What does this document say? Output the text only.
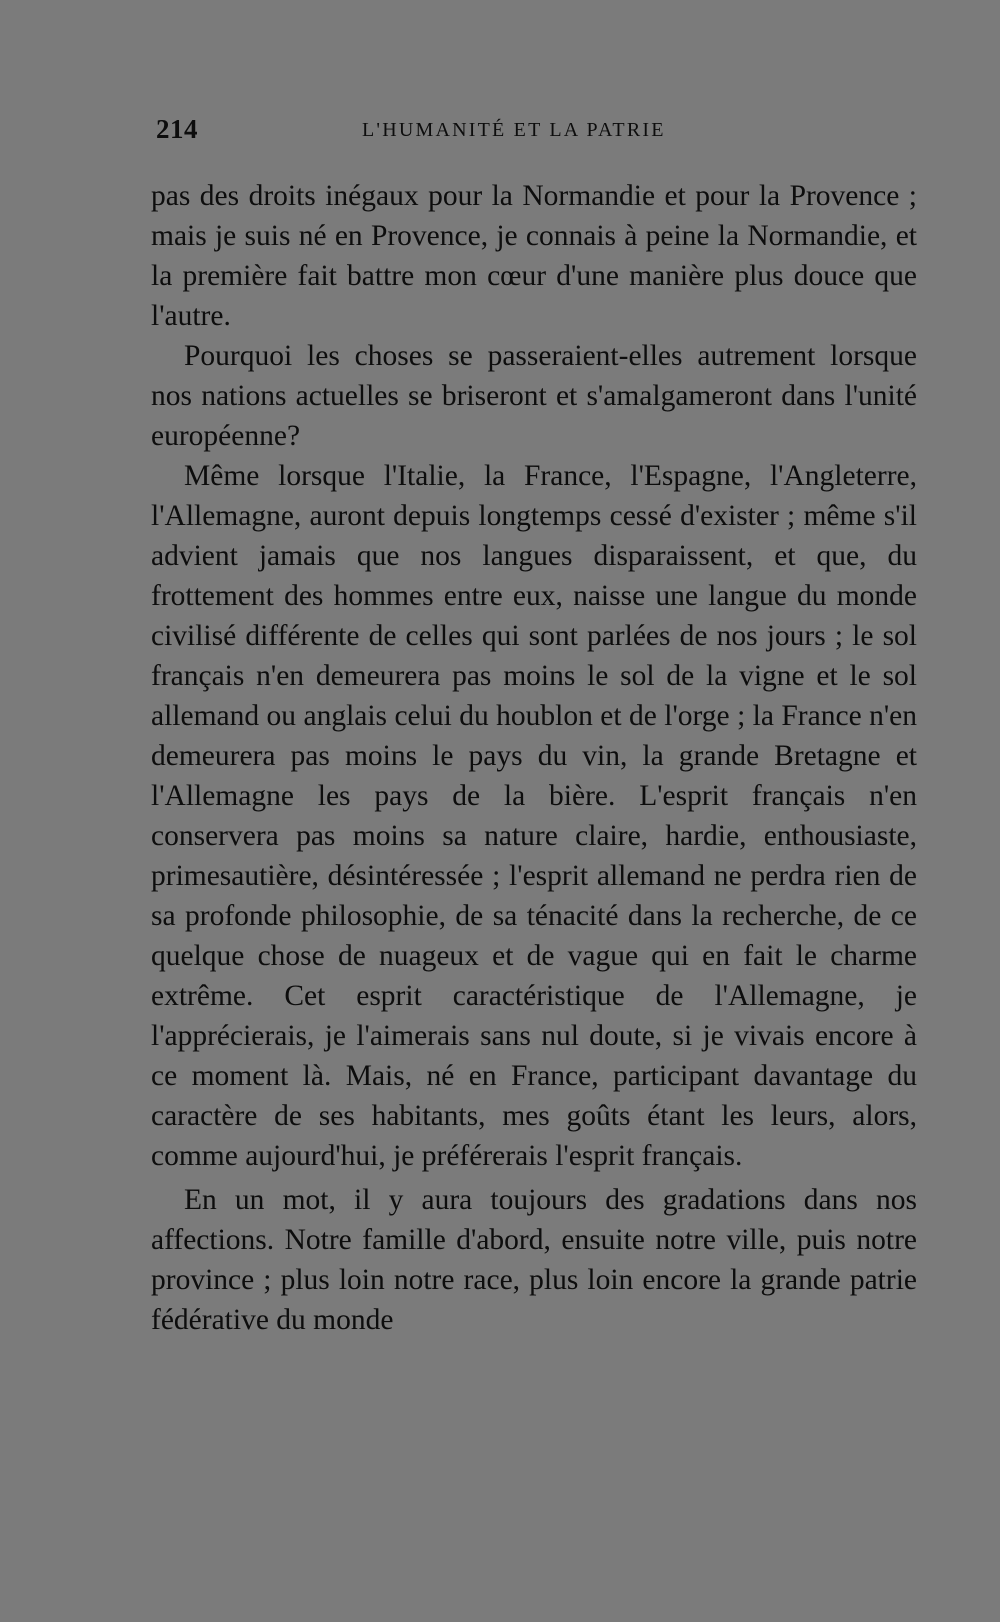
214	L'HUMANITÉ ET LA PATRIE

pas des droits inégaux pour la Normandie et pour la Provence ; mais je suis né en Provence, je connais à peine la Normandie, et la première fait battre mon cœur d'une manière plus douce que l'autre.

Pourquoi les choses se passeraient-elles autrement lorsque nos nations actuelles se briseront et s'amalgameront dans l'unité européenne?

Même lorsque l'Italie, la France, l'Espagne, l'Angleterre, l'Allemagne, auront depuis longtemps cessé d'exister ; même s'il advient jamais que nos langues disparaissent, et que, du frottement des hommes entre eux, naisse une langue du monde civilisé différente de celles qui sont parlées de nos jours ; le sol français n'en demeurera pas moins le sol de la vigne et le sol allemand ou anglais celui du houblon et de l'orge ; la France n'en demeurera pas moins le pays du vin, la grande Bretagne et l'Allemagne les pays de la bière. L'esprit français n'en conservera pas moins sa nature claire, hardie, enthousiaste, primesautière, désintéressée ; l'esprit allemand ne perdra rien de sa profonde philosophie, de sa ténacité dans la recherche, de ce quelque chose de nuageux et de vague qui en fait le charme extrême. Cet esprit caractéristique de l'Allemagne, je l'apprécierais, je l'aimerais sans nul doute, si je vivais encore à ce moment là. Mais, né en France, participant davantage du caractère de ses habitants, mes goûts étant les leurs, alors, comme aujourd'hui, je préférerais l'esprit français.

En un mot, il y aura toujours des gradations dans nos affections. Notre famille d'abord, ensuite notre ville, puis notre province ; plus loin notre race, plus loin encore la grande patrie fédérative du monde
